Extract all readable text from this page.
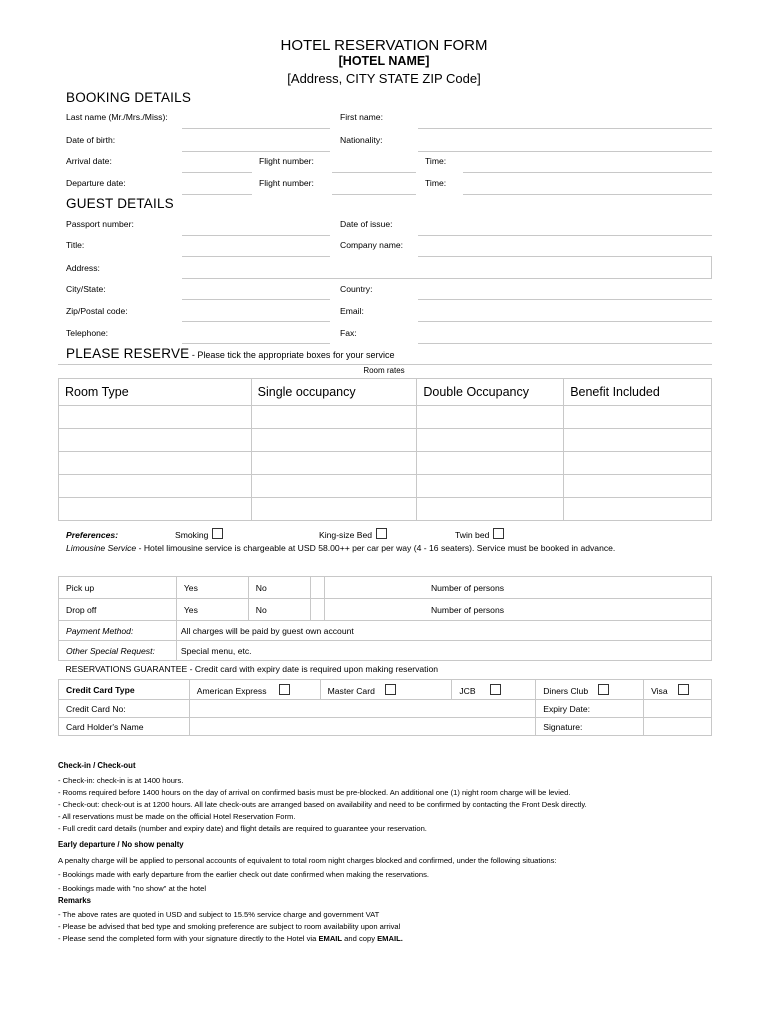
HOTEL RESERVATION FORM
[HOTEL NAME]
[Address, CITY STATE ZIP Code]
BOOKING DETAILS
Last name (Mr./Mrs./Miss):	First name:
Date of birth:	Nationality:
Arrival date:	Flight number:	Time:
Departure date:	Flight number:	Time:
GUEST DETAILS
Passport number:	Date of issue:
Title:	Company name:
Address:
City/State:	Country:
Zip/Postal code:	Email:
Telephone:	Fax:
PLEASE RESERVE - Please tick the appropriate boxes for your service
Room rates
Room Type	Single occupancy	Double Occupancy	Benefit Included

Preferences:	Smoking	King-size Bed	Twin bed
Limousine Service - Hotel limousine service is chargeable at USD 58.00++ per car per way (4 - 16 seaters). Service must be booked in advance.
Pick up	Yes	No			Number of persons
Drop off	Yes	No			Number of persons
Payment Method:	All charges will be paid by guest own account				
Other Special Request:	Special menu, etc.				
RESERVATIONS GUARANTEE - Credit card with expiry date is required upon making reservation					
Credit Card Type	American Express	Master Card	JCB	Diners Club	Visa
Credit Card No:				Expiry Date:	
Card Holder's Name				Signature:	
Check-in / Check-out
- Check-in: check-in is at 1400 hours.
- Rooms required before 1400 hours on the day of arrival on confirmed basis must be pre-blocked. An additional one (1) night room charge will be levied.
- Check-out: check-out is at 1200 hours. All late check-outs are arranged based on availability and need to be confirmed by contacting the Front Desk directly.
- All reservations must be made on the official Hotel Reservation Form.
- Full credit card details (number and expiry date) and flight details are required to guarantee your reservation.
Early departure / No show penalty
A penalty charge will be applied to personal accounts of equivalent to total room night charges blocked and confirmed, under the following situations:
- Bookings made with early departure from the earlier check out date confirmed when making the reservations.
- Bookings made with "no show" at the hotel
Remarks
- The above rates are quoted in USD and subject to 15.5% service charge and government VAT
- Please be advised that bed type and smoking preference are subject to room availability upon arrival
- Please send the completed form with your signature directly to the Hotel via EMAIL and copy EMAIL.
